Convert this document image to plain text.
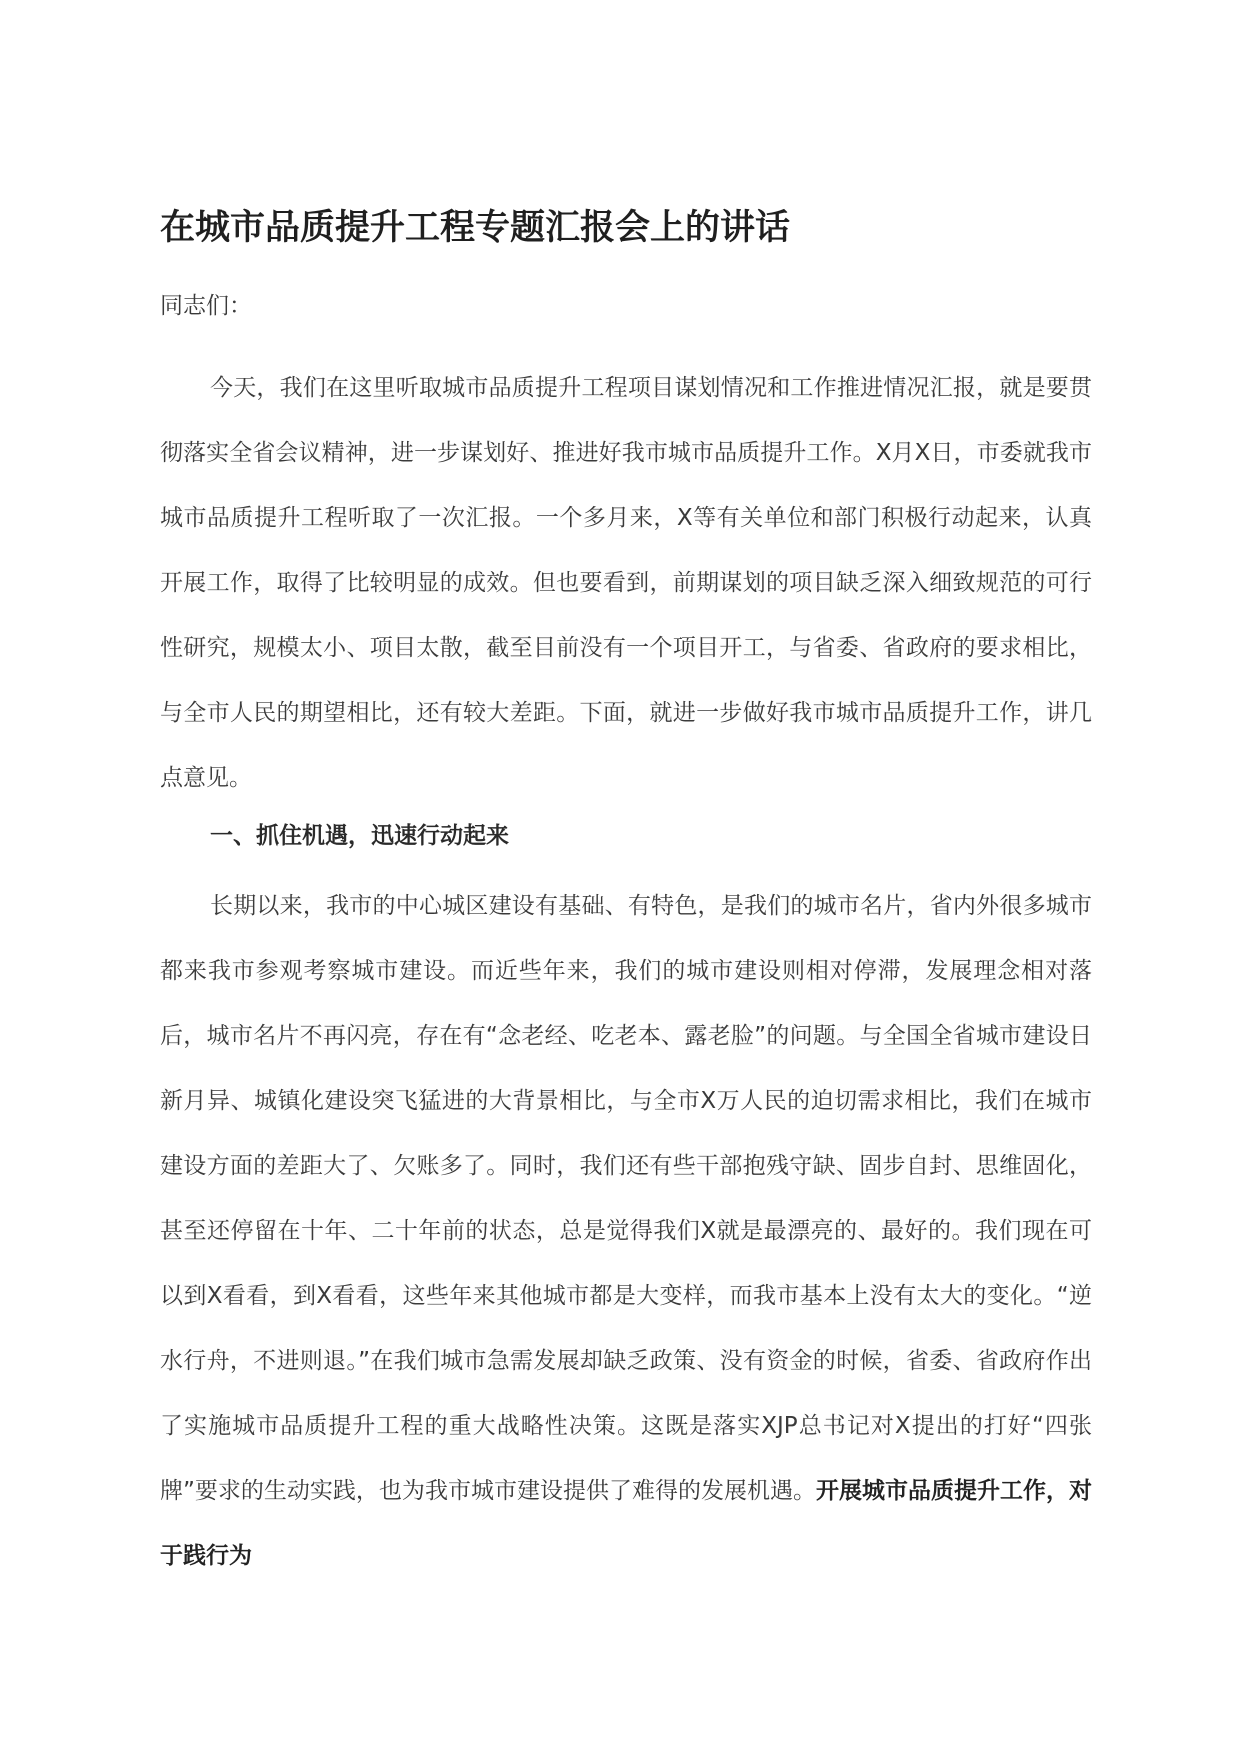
在城市品质提升工程专题汇报会上的讲话
同志们：

今天，我们在这里听取城市品质提升工程项目谋划情况和工作推进情况汇报，就是要贯彻落实全省会议精神，进一步谋划好、推进好我市城市品质提升工作。X月X日，市委就我市城市品质提升工程听取了一次汇报。一个多月来，X等有关单位和部门积极行动起来，认真开展工作，取得了比较明显的成效。但也要看到，前期谋划的项目缺乏深入细致规范的可行性研究，规模太小、项目太散，截至目前没有一个项目开工，与省委、省政府的要求相比，与全市人民的期望相比，还有较大差距。下面，就进一步做好我市城市品质提升工作，讲几点意见。

一、抓住机遇，迅速行动起来

长期以来，我市的中心城区建设有基础、有特色，是我们的城市名片，省内外很多城市都来我市参观考察城市建设。而近些年来，我们的城市建设则相对停滞，发展理念相对落后，城市名片不再闪亮，存在有“念老经、吃老本、露老脸”的问题。与全国全省城市建设日新月异、城镇化建设突飞猛进的大背景相比，与全市X万人民的迫切需求相比，我们在城市建设方面的差距大了、欠账多了。同时，我们还有些干部抱残守缺、固步自封、思维固化，甚至还停留在十年、二十年前的状态，总是觉得我们X就是最漂亮的、最好的。我们现在可以到X看看，到X看看，这些年来其他城市都是大变样，而我市基本上没有太大的变化。“逆水行舟，不进则退。”在我们城市急需发展却缺乏政策、没有资金的时候，省委、省政府作出了实施城市品质提升工程的重大战略性决策。这既是落实XJP总书记对X提出的打好“四张牌”要求的生动实践，也为我市城市建设提供了难得的发展机遇。开展城市品质提升工作，对于践行为
